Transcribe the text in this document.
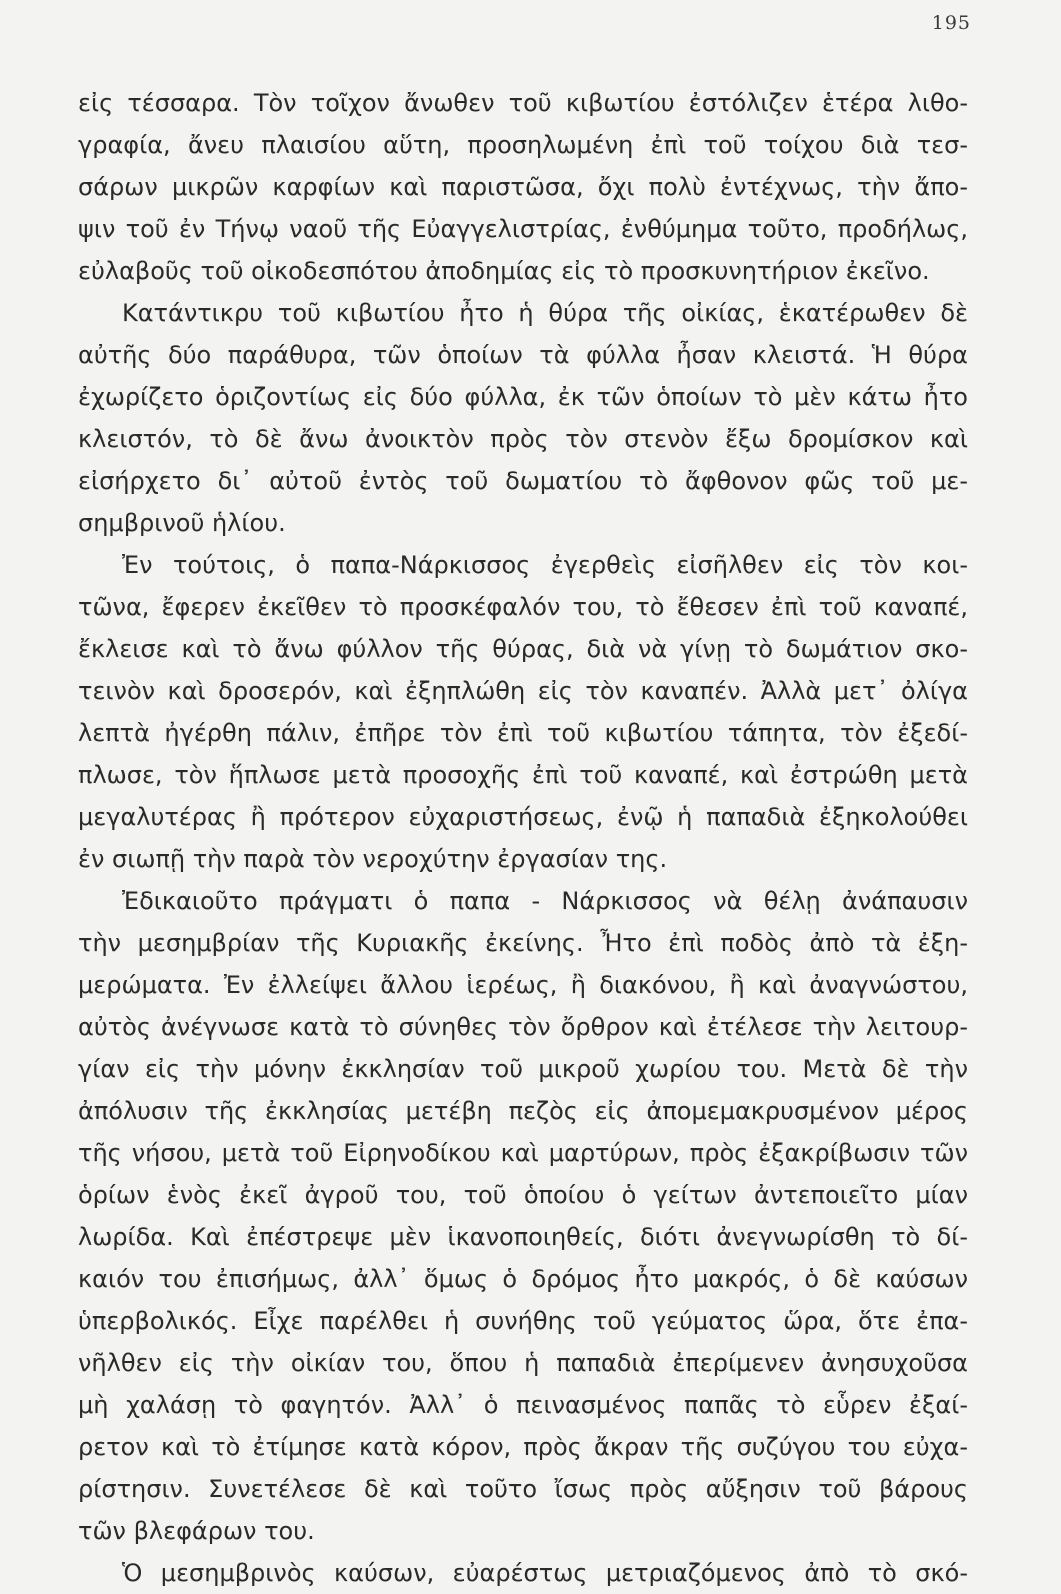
195
εἰς τέσσαρα. Τὸν τοῖχον ἄνωθεν τοῦ κιβωτίου ἐστόλιζεν ἑτέρα λιθο-
γραφία, ἄνευ πλαισίου αὕτη, προσηλωμένη ἐπὶ τοῦ τοίχου διὰ τεσ-
σάρων μικρῶν καρφίων καὶ παριστῶσα, ὄχι πολὺ ἐντέχνως, τὴν ἄπο-
ψιν τοῦ ἐν Τήνῳ ναοῦ τῆς Εὐαγγελιστρίας, ἐνθύμημα τοῦτο, προδήλως,
εὐλαβοῦς τοῦ οἰκοδεσπότου ἀποδημίας εἰς τὸ προσκυνητήριον ἐκεῖνο.
Κατάντικρυ τοῦ κιβωτίου ἦτο ἡ θύρα τῆς οἰκίας, ἑκατέρωθεν δὲ
αὐτῆς δύο παράθυρα, τῶν ὁποίων τὰ φύλλα ἦσαν κλειστά. Ἡ θύρα
ἐχωρίζετο ὁριζοντίως εἰς δύο φύλλα, ἐκ τῶν ὁποίων τὸ μὲν κάτω ἦτο
κλειστόν, τὸ δὲ ἄνω ἀνοικτὸν πρὸς τὸν στενὸν ἔξω δρομίσκον καὶ
εἰσήρχετο δι᾽ αὐτοῦ ἐντὸς τοῦ δωματίου τὸ ἄφθονον φῶς τοῦ με-
σημβρινοῦ ἡλίου.
Ἐν τούτοις, ὁ παπα-Νάρκισσος ἐγερθεὶς εἰσῆλθεν εἰς τὸν κοι-
τῶνα, ἔφερεν ἐκεῖθεν τὸ προσκέφαλόν του, τὸ ἔθεσεν ἐπὶ τοῦ καναπέ,
ἔκλεισε καὶ τὸ ἄνω φύλλον τῆς θύρας, διὰ νὰ γίνῃ τὸ δωμάτιον σκο-
τεινὸν καὶ δροσερόν, καὶ ἐξηπλώθη εἰς τὸν καναπέν. Ἀλλὰ μετ᾽ ὀλίγα
λεπτὰ ἠγέρθη πάλιν, ἐπῆρε τὸν ἐπὶ τοῦ κιβωτίου τάπητα, τὸν ἐξεδί-
πλωσε, τὸν ἥπλωσε μετὰ προσοχῆς ἐπὶ τοῦ καναπέ, καὶ ἐστρώθη μετὰ
μεγαλυτέρας ἢ πρότερον εὐχαριστήσεως, ἐνῷ ἡ παπαδιὰ ἐξηκολούθει
ἐν σιωπῇ τὴν παρὰ τὸν νεροχύτην ἐργασίαν της.
Ἐδικαιοῦτο πράγματι ὁ παπα - Νάρκισσος νὰ θέλῃ ἀνάπαυσιν
τὴν μεσημβρίαν τῆς Κυριακῆς ἐκείνης. Ἦτο ἐπὶ ποδὸς ἀπὸ τὰ ἐξη-
μερώματα. Ἐν ἐλλείψει ἄλλου ἱερέως, ἢ διακόνου, ἢ καὶ ἀναγνώστου,
αὐτὸς ἀνέγνωσε κατὰ τὸ σύνηθες τὸν ὄρθρον καὶ ἐτέλεσε τὴν λειτουρ-
γίαν εἰς τὴν μόνην ἐκκλησίαν τοῦ μικροῦ χωρίου του. Μετὰ δὲ τὴν
ἀπόλυσιν τῆς ἐκκλησίας μετέβη πεζὸς εἰς ἀπομεμακρυσμένον μέρος
τῆς νήσου, μετὰ τοῦ Εἰρηνοδίκου καὶ μαρτύρων, πρὸς ἐξακρίβωσιν τῶν
ὁρίων ἑνὸς ἐκεῖ ἀγροῦ του, τοῦ ὁποίου ὁ γείτων ἀντεποιεῖτο μίαν
λωρίδα. Καὶ ἐπέστρεψε μὲν ἱκανοποιηθείς, διότι ἀνεγνωρίσθη τὸ δί-
καιόν του ἐπισήμως, ἀλλ᾽ ὅμως ὁ δρόμος ἦτο μακρός, ὁ δὲ καύσων
ὑπερβολικός. Εἶχε παρέλθει ἡ συνήθης τοῦ γεύματος ὥρα, ὅτε ἐπα-
νῆλθεν εἰς τὴν οἰκίαν του, ὅπου ἡ παπαδιὰ ἐπερίμενεν ἀνησυχοῦσα
μὴ χαλάσῃ τὸ φαγητόν. Ἀλλ᾽ ὁ πεινασμένος παπᾶς τὸ εὗρεν ἐξαί-
ρετον καὶ τὸ ἐτίμησε κατὰ κόρον, πρὸς ἄκραν τῆς συζύγου του εὐχα-
ρίστησιν. Συνετέλεσε δὲ καὶ τοῦτο ἴσως πρὸς αὔξησιν τοῦ βάρους
τῶν βλεφάρων του.
Ὁ μεσημβρινὸς καύσων, εὐαρέστως μετριαζόμενος ἀπὸ τὸ σκό-
